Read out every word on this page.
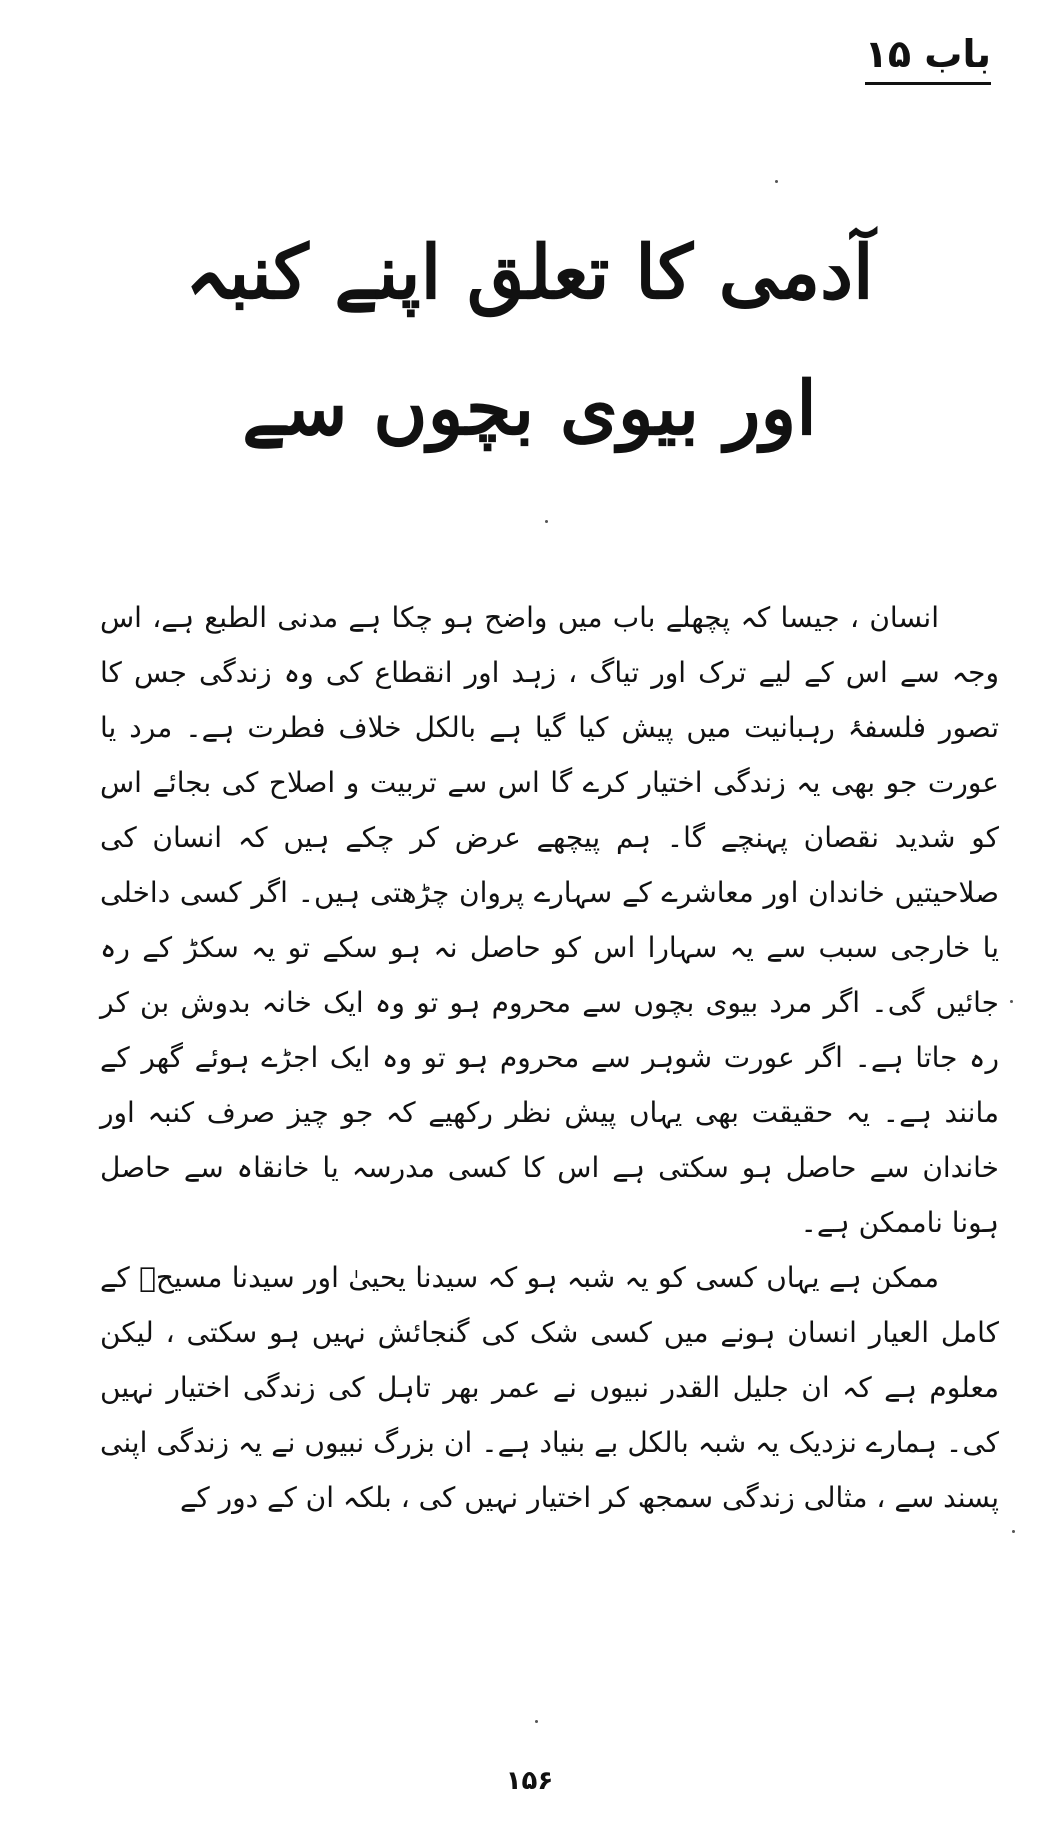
باب ۱۵
آدمی کا تعلق اپنے کنبہ
اور بیوی بچوں سے

انسان ، جیسا کہ پچھلے باب میں واضح ہو چکا ہے مدنی الطبع ہے، اس وجہ سے اس کے لیے ترک اور تیاگ ، زہد اور انقطاع کی وہ زندگی جس کا تصور فلسفۂ رہبانیت میں پیش کیا گیا ہے بالکل خلاف فطرت ہے۔ مرد یا عورت جو بھی یہ زندگی اختیار کرے گا اس سے تربیت و اصلاح کی بجائے اس کو شدید نقصان پہنچے گا۔ ہم پیچھے عرض کر چکے ہیں کہ انسان کی صلاحیتیں خاندان اور معاشرے کے سہارے پروان چڑھتی ہیں۔ اگر کسی داخلی یا خارجی سبب سے یہ سہارا اس کو حاصل نہ ہو سکے تو یہ سکڑ کے رہ جائیں گی۔ اگر مرد بیوی بچوں سے محروم ہو تو وہ ایک خانہ بدوش بن کر رہ جاتا ہے۔ اگر عورت شوہر سے محروم ہو تو وہ ایک اجڑے ہوئے گھر کے مانند ہے۔ یہ حقیقت بھی یہاں پیش نظر رکھیے کہ جو چیز صرف کنبہ اور خاندان سے حاصل ہو سکتی ہے اس کا کسی مدرسہ یا خانقاہ سے حاصل ہونا ناممکن ہے۔

ممکن ہے یہاں کسی کو یہ شبہ ہو کہ سیدنا یحییٰ اور سیدنا مسیحؑ کے کامل العیار انسان ہونے میں کسی شک کی گنجائش نہیں ہو سکتی ، لیکن معلوم ہے کہ ان جلیل القدر نبیوں نے عمر بھر تاہل کی زندگی اختیار نہیں کی۔ ہمارے نزدیک یہ شبہ بالکل بے بنیاد ہے۔ ان بزرگ نبیوں نے یہ زندگی اپنی پسند سے ، مثالی زندگی سمجھ کر اختیار نہیں کی ، بلکہ ان کے دور کے

۱۵۶
